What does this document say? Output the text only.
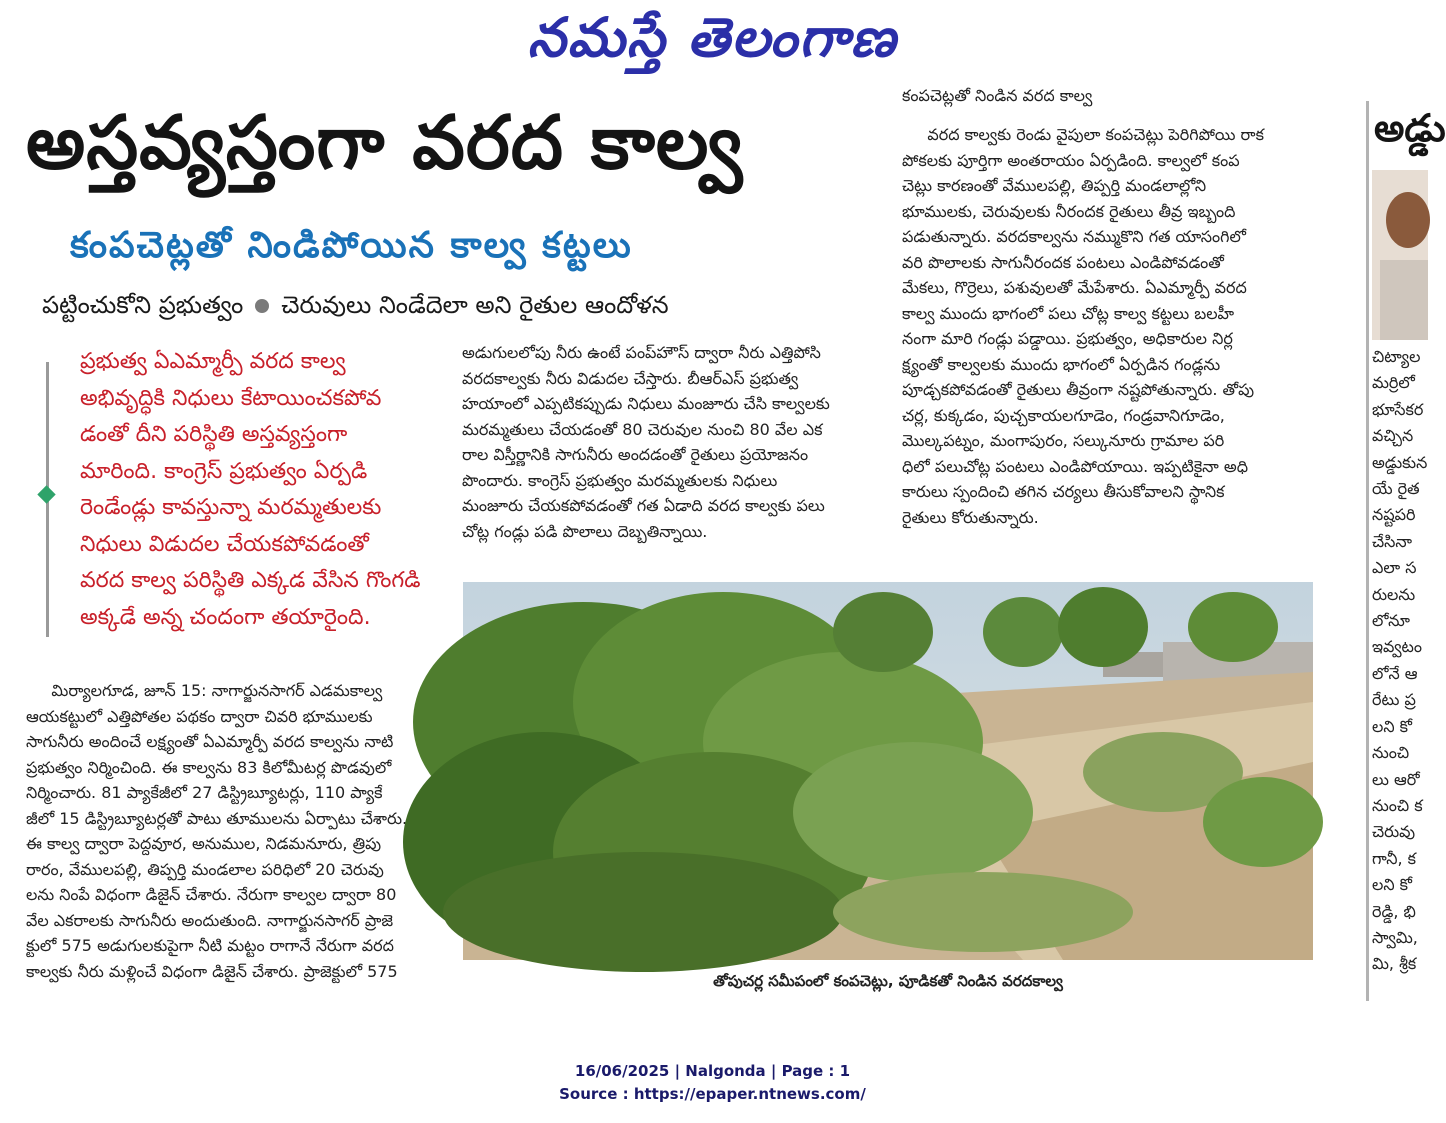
నమస్తే తెలంగాణ
అస్తవ్యస్తంగా వరద కాల్వ
కంపచెట్లతో నిండిపోయిన కాల్వ కట్టలు
పట్టించుకోని ప్రభుత్వం చెరువులు నిండేదెలా అని రైతుల ఆందోళన

ప్రభుత్వ ఏఎమ్మార్పీ వరద కాల్వ

అభివృద్ధికి నిధులు కేటాయించకపోవ

డంతో దీని పరిస్థితి అస్తవ్యస్తంగా

మారింది. కాంగ్రెస్ ప్రభుత్వం ఏర్పడి

రెండేండ్లు కావస్తున్నా మరమ్మతులకు

నిధులు విడుదల చేయకపోవడంతో

వరద కాల్వ పరిస్థితి ఎక్కడ వేసిన గొంగడి

అక్కడే అన్న చందంగా తయారైంది.

మిర్యాలగూడ, జూన్ 15: నాగార్జునసాగర్ ఎడమకాల్వ

ఆయకట్టులో ఎత్తిపోతల పథకం ద్వారా చివరి భూములకు

సాగునీరు అందించే లక్ష్యంతో ఏఎమ్మార్పీ వరద కాల్వను నాటి

ప్రభుత్వం నిర్మించింది. ఈ కాల్వను 83 కిలోమీటర్ల పొడవులో

నిర్మించారు. 81 ప్యాకేజీలో 27 డిస్ట్రిబ్యూటర్లు, 110 ప్యాకే

జీలో 15 డిస్ట్రిబ్యూటర్లతో పాటు తూములను ఏర్పాటు చేశారు.

ఈ కాల్వ ద్వారా పెద్దవూర, అనుముల, నిడమనూరు, త్రిపు

రారం, వేములపల్లి, తిప్పర్తి మండలాల పరిధిలో 20 చెరువు

లను నింపే విధంగా డిజైన్ చేశారు. నేరుగా కాల్వల ద్వారా 80

వేల ఎకరాలకు సాగునీరు అందుతుంది. నాగార్జునసాగర్ ప్రాజె

క్టులో 575 అడుగులకుపైగా నీటి మట్టం రాగానే నేరుగా వరద

కాల్వకు నీరు మళ్లించే విధంగా డిజైన్ చేశారు. ప్రాజెక్టులో 575

అడుగులలోపు నీరు ఉంటే పంప్‌హౌస్ ద్వారా నీరు ఎత్తిపోసి

వరదకాల్వకు నీరు విడుదల చేస్తారు. బీఆర్‌ఎస్ ప్రభుత్వ

హయాంలో ఎప్పటికప్పుడు నిధులు మంజూరు చేసి కాల్వలకు

మరమ్మతులు చేయడంతో 80 చెరువుల నుంచి 80 వేల ఎక

రాల విస్తీర్ణానికి సాగునీరు అందడంతో రైతులు ప్రయోజనం

పొందారు. కాంగ్రెస్ ప్రభుత్వం మరమ్మతులకు నిధులు

మంజూరు చేయకపోవడంతో గత ఏడాది వరద కాల్వకు పలు

చోట్ల గండ్లు పడి పొలాలు దెబ్బతిన్నాయి.

కంపచెట్లతో నిండిన వరద కాల్వ

వరద కాల్వకు రెండు వైపులా కంపచెట్లు పెరిగిపోయి రాక

పోకలకు పూర్తిగా అంతరాయం ఏర్పడింది. కాల్వలో కంప

చెట్లు కారణంతో వేములపల్లి, తిప్పర్తి మండలాల్లోని

భూములకు, చెరువులకు నీరందక రైతులు తీవ్ర ఇబ్బంది

పడుతున్నారు. వరదకాల్వను నమ్ముకొని గత యాసంగిలో

వరి పొలాలకు సాగునీరందక పంటలు ఎండిపోవడంతో

మేకలు, గొర్రెలు, పశువులతో మేపేశారు. ఏఎమ్మార్పీ వరద

కాల్వ ముందు భాగంలో పలు చోట్ల కాల్వ కట్టలు బలహీ

నంగా మారి గండ్లు పడ్డాయి. ప్రభుత్వం, అధికారుల నిర్ల

క్ష్యంతో కాల్వలకు ముందు భాగంలో ఏర్పడిన గండ్లను

పూడ్చకపోవడంతో రైతులు తీవ్రంగా నష్టపోతున్నారు. తోపు

చర్ల, కుక్కడం, పుచ్చకాయలగూడెం, గండ్రవానిగూడెం,

మొల్కపట్నం, మంగాపురం, సల్కునూరు గ్రామాల పరి

ధిలో పలుచోట్ల పంటలు ఎండిపోయాయి. ఇప్పటికైనా అధి

కారులు స్పందించి తగిన చర్యలు తీసుకోవాలని స్థానిక

రైతులు కోరుతున్నారు.

తోపుచర్ల సమీపంలో కంపచెట్లు, పూడికతో నిండిన వరదకాల్వ
అడ్డు

చిట్యాల

మర్రిలో

భూసేకర

వచ్చిన

అడ్డుకున

యే రైత

నష్టపరి

చేసినా

ఎలా స

రులను

లోనూ

ఇవ్వటం

లోనే ఆ

రేటు ప్ర

లని కో

నుంచి

లు ఆరో

నుంచి క

చెరువు

గానీ, క

లని కో

రెడ్డి, భి

స్వామి,

మి, శ్రీక

16/06/2025 | Nalgonda | Page : 1
Source : https://epaper.ntnews.com/
